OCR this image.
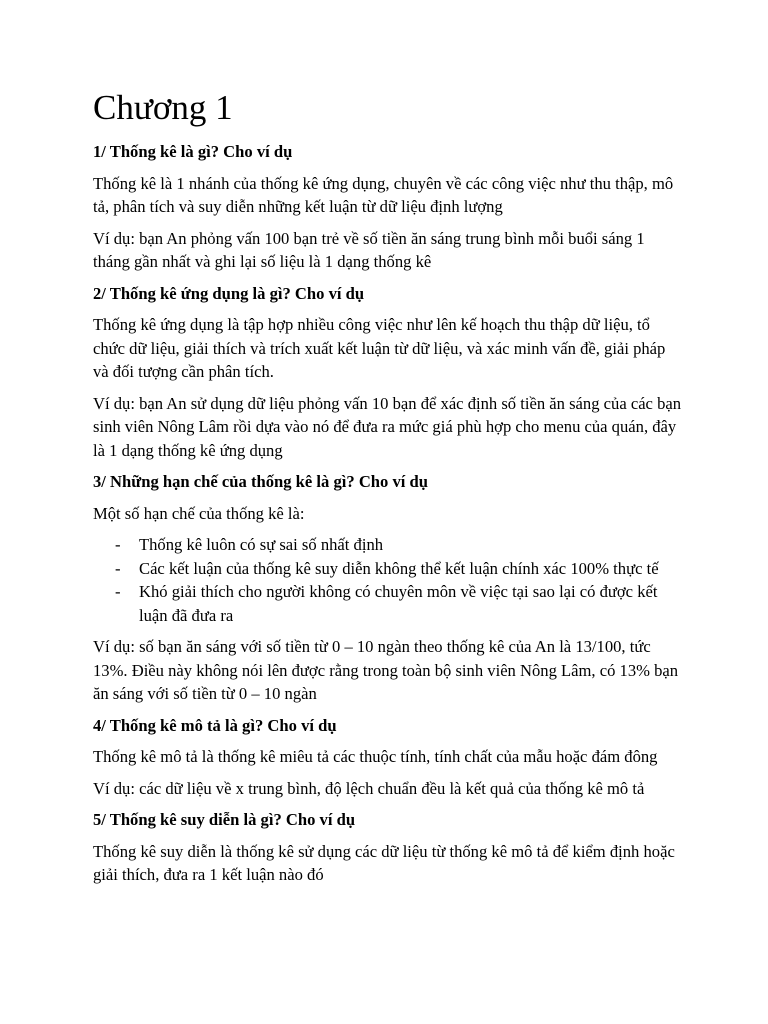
Chương 1
1/ Thống kê là gì? Cho ví dụ

Thống kê là 1 nhánh của thống kê ứng dụng, chuyên về các công việc như thu thập, mô tả, phân tích và suy diễn những kết luận từ dữ liệu định lượng

Ví dụ: bạn An phỏng vấn 100 bạn trẻ về số tiền ăn sáng trung bình mỗi buổi sáng 1 tháng gần nhất và ghi lại số liệu là 1 dạng thống kê

2/ Thống kê ứng dụng là gì? Cho ví dụ

Thống kê ứng dụng là tập hợp nhiều công việc như lên kế hoạch thu thập dữ liệu, tổ chức dữ liệu, giải thích và trích xuất kết luận từ dữ liệu, và xác minh vấn đề, giải pháp và đối tượng cần phân tích.

Ví dụ: bạn An sử dụng dữ liệu phỏng vấn 10 bạn để xác định số tiền ăn sáng của các bạn sinh viên Nông Lâm rồi dựa vào nó để đưa ra mức giá phù hợp cho menu của quán, đây là 1 dạng thống kê ứng dụng

3/ Những hạn chế của thống kê là gì? Cho ví dụ

Một số hạn chế của thống kê là:

- Thống kê luôn có sự sai số nhất định
- Các kết luận của thống kê suy diễn không thể kết luận chính xác 100% thực tế
- Khó giải thích cho người không có chuyên môn về việc tại sao lại có được kết luận đã đưa ra

Ví dụ: số bạn ăn sáng với số tiền từ 0 – 10 ngàn theo thống kê của An là 13/100, tức 13%. Điều này không nói lên được rằng trong toàn bộ sinh viên Nông Lâm, có 13% bạn ăn sáng với số tiền từ 0 – 10 ngàn

4/ Thống kê mô tả là gì? Cho ví dụ

Thống kê mô tả là thống kê miêu tả các thuộc tính, tính chất của mẫu hoặc đám đông

Ví dụ: các dữ liệu về x trung bình, độ lệch chuẩn đều là kết quả của thống kê mô tả

5/ Thống kê suy diễn là gì? Cho ví dụ

Thống kê suy diễn là thống kê sử dụng các dữ liệu từ thống kê mô tả để kiểm định hoặc giải thích, đưa ra 1 kết luận nào đó
